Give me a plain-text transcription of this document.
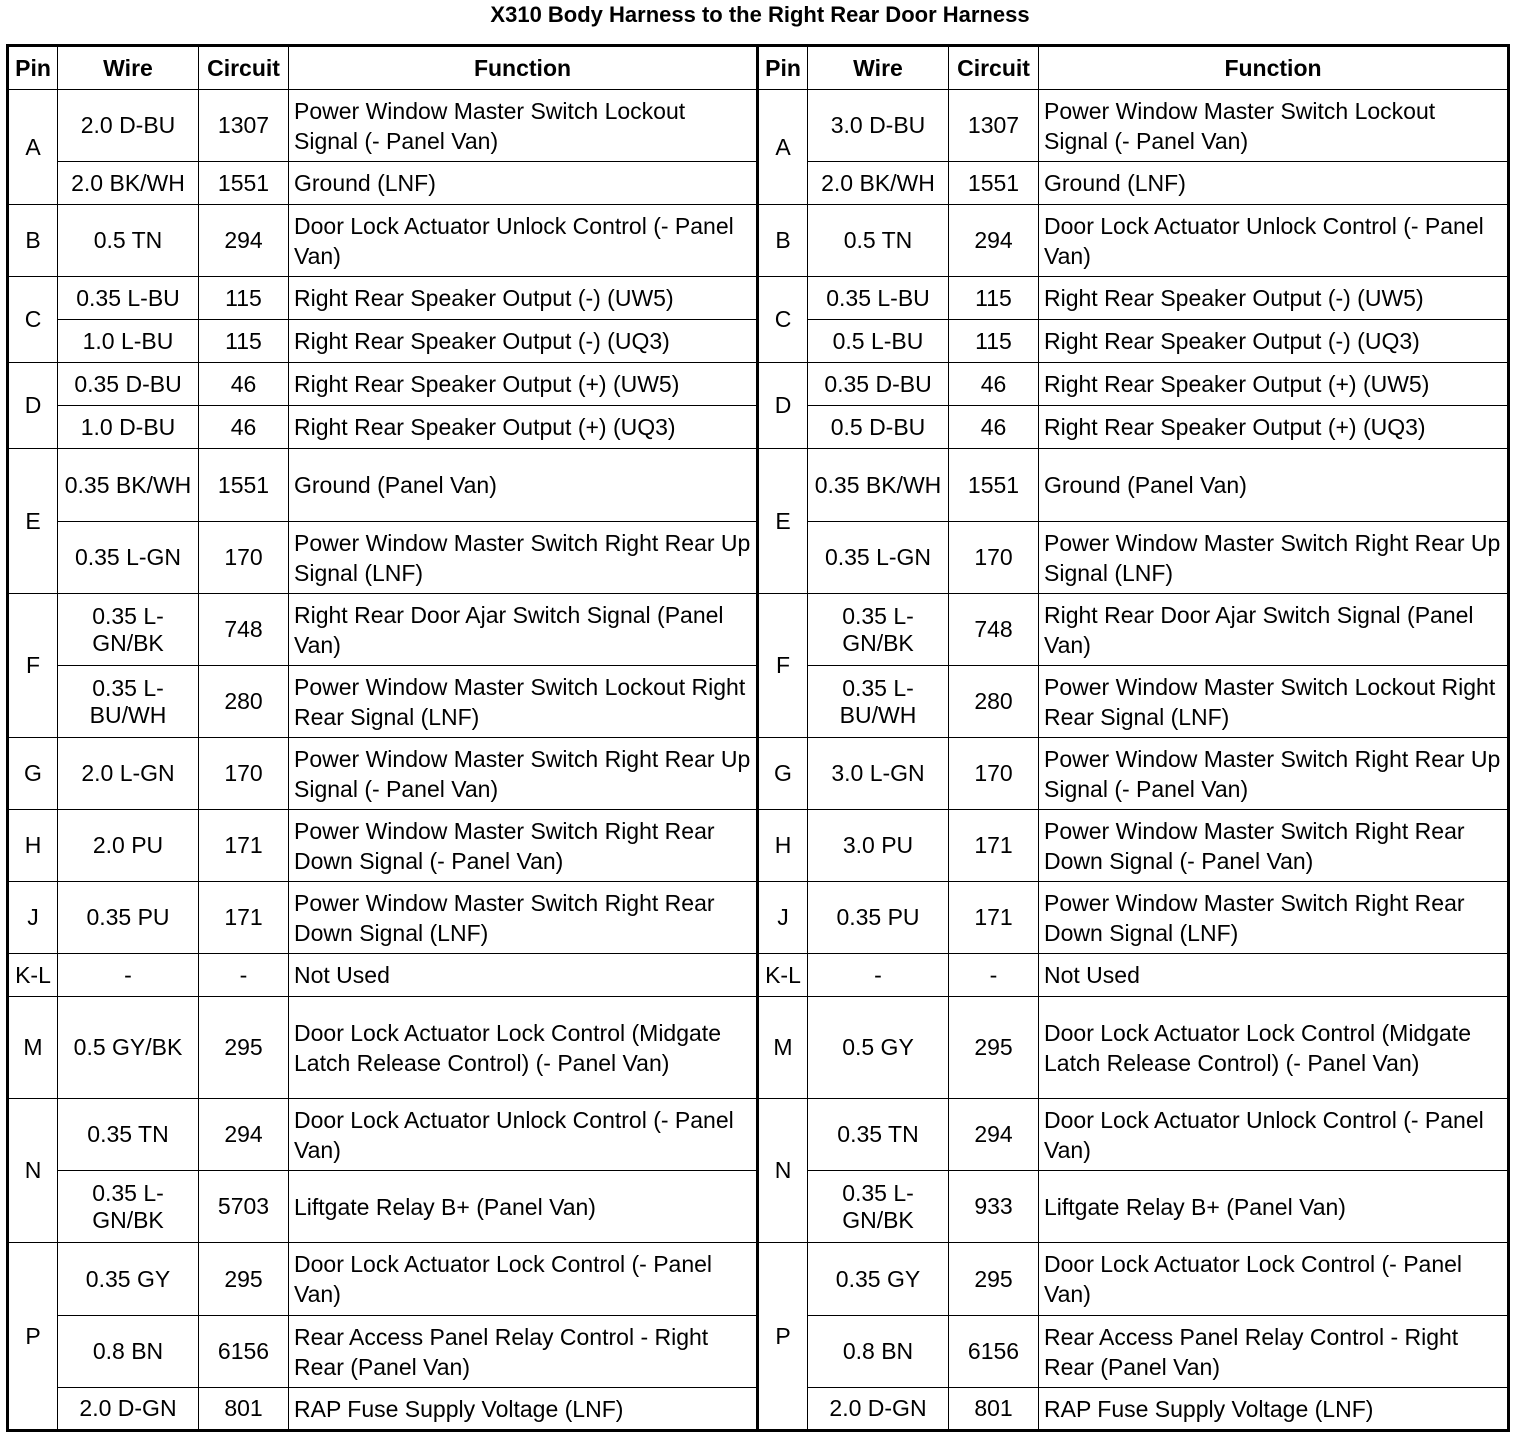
X310 Body Harness to the Right Rear Door Harness
Pin	Wire	Circuit	Function	Pin	Wire	Circuit	Function
A	2.0 D-BU	1307	Power Window Master Switch Lockout Signal (- Panel Van)	A	3.0 D-BU	1307	Power Window Master Switch Lockout Signal (- Panel Van)
	2.0 BK/WH	1551	Ground (LNF)		2.0 BK/WH	1551	Ground (LNF)
B	0.5 TN	294	Door Lock Actuator Unlock Control (- Panel Van)	B	0.5 TN	294	Door Lock Actuator Unlock Control (- Panel Van)
C	0.35 L-BU	115	Right Rear Speaker Output (-) (UW5)	C	0.35 L-BU	115	Right Rear Speaker Output (-) (UW5)
	1.0 L-BU	115	Right Rear Speaker Output (-) (UQ3)		0.5 L-BU	115	Right Rear Speaker Output (-) (UQ3)
D	0.35 D-BU	46	Right Rear Speaker Output (+) (UW5)	D	0.35 D-BU	46	Right Rear Speaker Output (+) (UW5)
	1.0 D-BU	46	Right Rear Speaker Output (+) (UQ3)		0.5 D-BU	46	Right Rear Speaker Output (+) (UQ3)
E	0.35 BK/WH	1551	Ground (Panel Van)	E	0.35 BK/WH	1551	Ground (Panel Van)
	0.35 L-GN	170	Power Window Master Switch Right Rear Up Signal (LNF)		0.35 L-GN	170	Power Window Master Switch Right Rear Up Signal (LNF)
F	0.35 L-GN/BK	748	Right Rear Door Ajar Switch Signal (Panel Van)	F	0.35 L-GN/BK	748	Right Rear Door Ajar Switch Signal (Panel Van)
	0.35 L-BU/WH	280	Power Window Master Switch Lockout Right Rear Signal (LNF)		0.35 L-BU/WH	280	Power Window Master Switch Lockout Right Rear Signal (LNF)
G	2.0 L-GN	170	Power Window Master Switch Right Rear Up Signal (- Panel Van)	G	3.0 L-GN	170	Power Window Master Switch Right Rear Up Signal (- Panel Van)
H	2.0 PU	171	Power Window Master Switch Right Rear Down Signal (- Panel Van)	H	3.0 PU	171	Power Window Master Switch Right Rear Down Signal (- Panel Van)
J	0.35 PU	171	Power Window Master Switch Right Rear Down Signal (LNF)	J	0.35 PU	171	Power Window Master Switch Right Rear Down Signal (LNF)
K-L	-	-	Not Used	K-L	-	-	Not Used
M	0.5 GY/BK	295	Door Lock Actuator Lock Control (Midgate Latch Release Control) (- Panel Van)	M	0.5 GY	295	Door Lock Actuator Lock Control (Midgate Latch Release Control) (- Panel Van)
N	0.35 TN	294	Door Lock Actuator Unlock Control (- Panel Van)	N	0.35 TN	294	Door Lock Actuator Unlock Control (- Panel Van)
	0.35 L-GN/BK	5703	Liftgate Relay B+ (Panel Van)		0.35 L-GN/BK	933	Liftgate Relay B+ (Panel Van)
P	0.35 GY	295	Door Lock Actuator Lock Control (- Panel Van)	P	0.35 GY	295	Door Lock Actuator Lock Control (- Panel Van)
	0.8 BN	6156	Rear Access Panel Relay Control - Right Rear (Panel Van)		0.8 BN	6156	Rear Access Panel Relay Control - Right Rear (Panel Van)
	2.0 D-GN	801	RAP Fuse Supply Voltage (LNF)		2.0 D-GN	801	RAP Fuse Supply Voltage (LNF)
